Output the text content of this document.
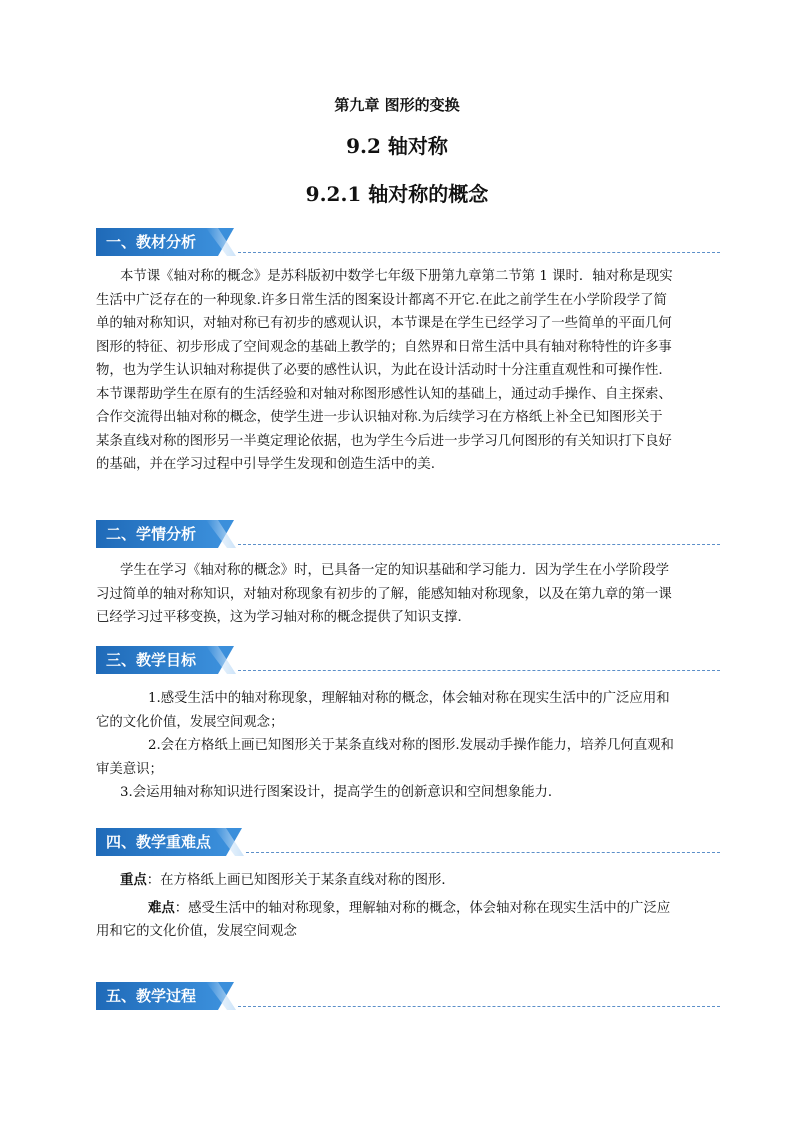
第九章 图形的变换
9.2 轴对称
9.2.1 轴对称的概念
一、教材分析
本节课《轴对称的概念》是苏科版初中数学七年级下册第九章第二节第 1 课时．轴对称是现实
生活中广泛存在的一种现象.许多日常生活的图案设计都离不开它.在此之前学生在小学阶段学了简
单的轴对称知识，对轴对称已有初步的感观认识，本节课是在学生已经学习了一些简单的平面几何
图形的特征、初步形成了空间观念的基础上教学的；自然界和日常生活中具有轴对称特性的许多事
物，也为学生认识轴对称提供了必要的感性认识，为此在设计活动时十分注重直观性和可操作性.
本节课帮助学生在原有的生活经验和对轴对称图形感性认知的基础上，通过动手操作、自主探索、
合作交流得出轴对称的概念，使学生进一步认识轴对称.为后续学习在方格纸上补全已知图形关于
某条直线对称的图形另一半奠定理论依据，也为学生今后进一步学习几何图形的有关知识打下良好
的基础，并在学习过程中引导学生发现和创造生活中的美.
二、学情分析
学生在学习《轴对称的概念》时，已具备一定的知识基础和学习能力．因为学生在小学阶段学
习过简单的轴对称知识，对轴对称现象有初步的了解，能感知轴对称现象，以及在第九章的第一课
已经学习过平移变换，这为学习轴对称的概念提供了知识支撑．
三、教学目标
1.感受生活中的轴对称现象，理解轴对称的概念，体会轴对称在现实生活中的广泛应用和
它的文化价值，发展空间观念；
2.会在方格纸上画已知图形关于某条直线对称的图形.发展动手操作能力，培养几何直观和
审美意识；
3.会运用轴对称知识进行图案设计，提高学生的创新意识和空间想象能力．
四、教学重难点
重点：在方格纸上画已知图形关于某条直线对称的图形．
难点：感受生活中的轴对称现象，理解轴对称的概念，体会轴对称在现实生活中的广泛应
用和它的文化价值，发展空间观念
五、教学过程
